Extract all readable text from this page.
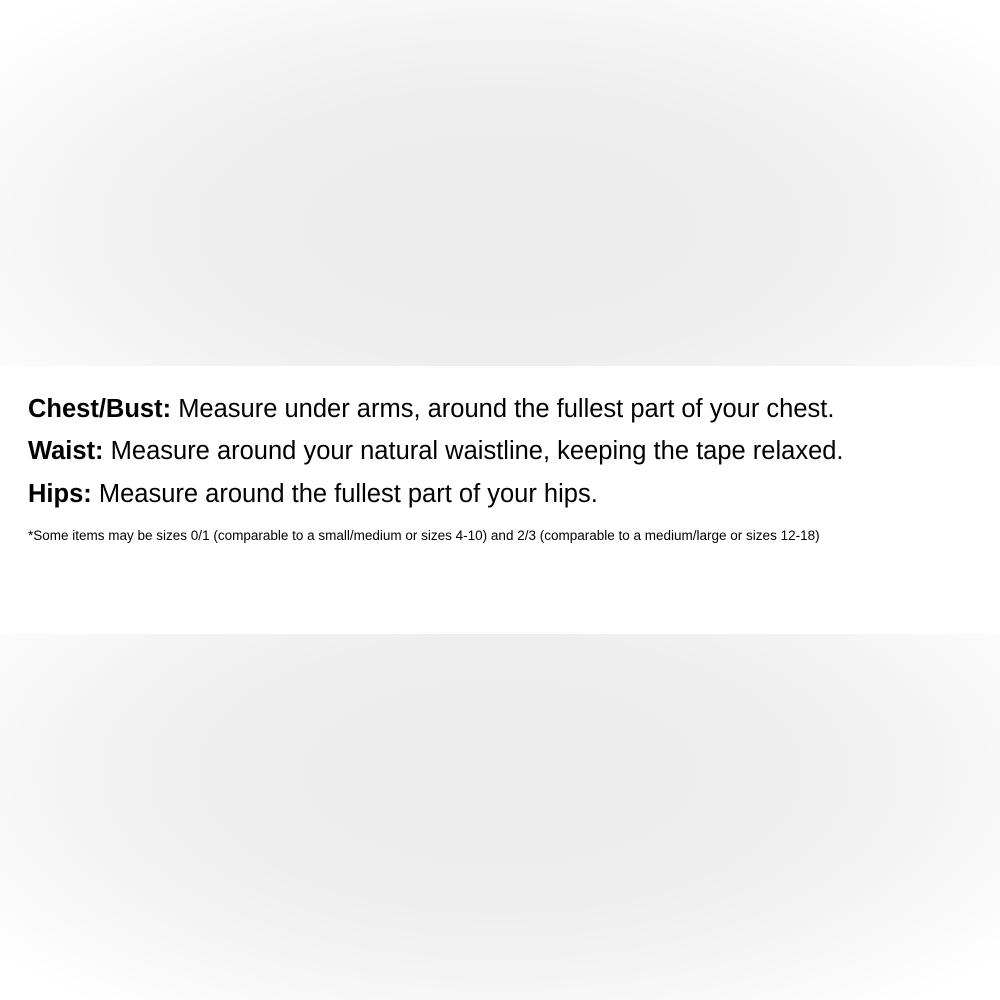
Chest/Bust: Measure under arms, around the fullest part of your chest.
Waist: Measure around your natural waistline, keeping the tape relaxed.
Hips: Measure around the fullest part of your hips.
*Some items may be sizes 0/1 (comparable to a small/medium or sizes 4-10) and 2/3 (comparable to a medium/large or sizes 12-18)
